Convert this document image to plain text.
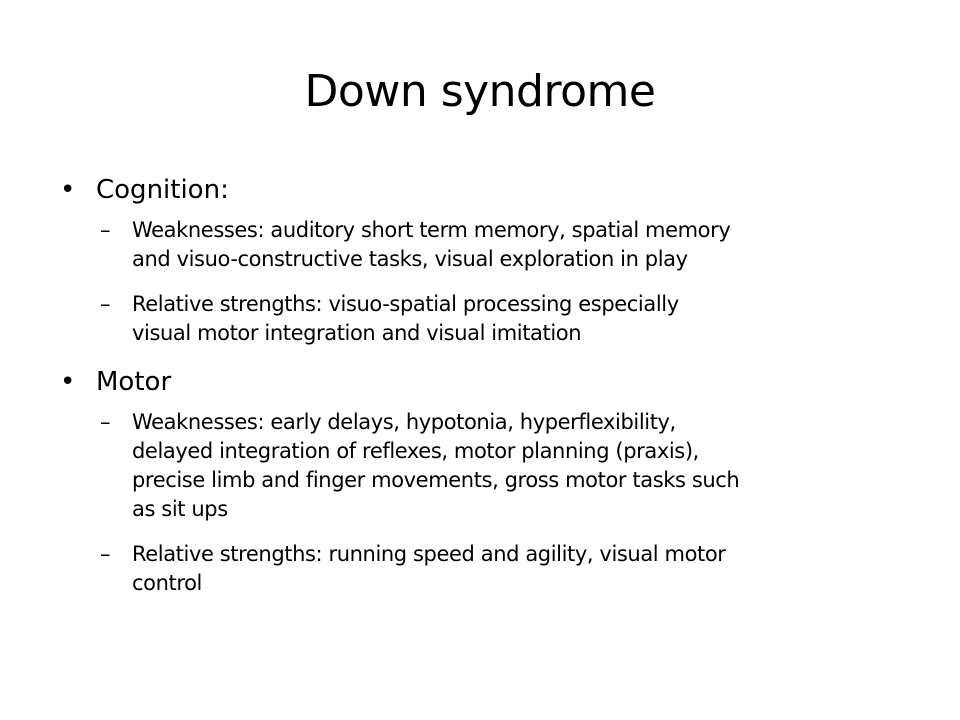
Down syndrome
• Cognition:
–	Weaknesses: auditory short term memory, spatial memory
and visuo-constructive tasks, visual exploration in play
–	Relative strengths: visuo-spatial processing especially
visual motor integration and visual imitation
• Motor
–	Weaknesses: early delays, hypotonia, hyperflexibility,
delayed integration of reflexes, motor planning (praxis),
precise limb and finger movements, gross motor tasks such
as sit ups
–	Relative strengths: running speed and agility, visual motor
control
